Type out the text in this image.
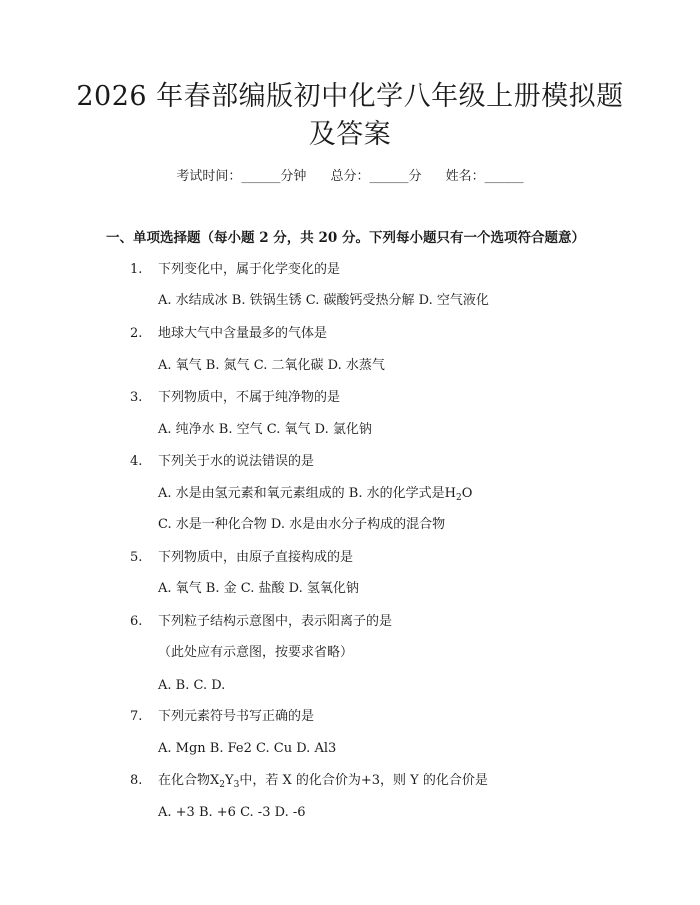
2026 年春部编版初中化学八年级上册模拟题
及答案
考试时间：______分钟 总分：______分 姓名：______
一、单项选择题（每小题 2 分，共 20 分。下列每小题只有一个选项符合题意）
1. 下列变化中，属于化学变化的是
A. 水结成冰 B. 铁锅生锈 C. 碳酸钙受热分解 D. 空气液化
2. 地球大气中含量最多的气体是
A. 氧气 B. 氮气 C. 二氧化碳 D. 水蒸气
3. 下列物质中，不属于纯净物的是
A. 纯净水 B. 空气 C. 氧气 D. 氯化钠
4. 下列关于水的说法错误的是
A. 水是由氢元素和氧元素组成的 B. 水的化学式是$H_2O$
C. 水是一种化合物 D. 水是由水分子构成的混合物
5. 下列物质中，由原子直接构成的是
A. 氧气 B. 金 C. 盐酸 D. 氢氧化钠
6. 下列粒子结构示意图中，表示阳离子的是
（此处应有示意图，按要求省略）
A. B. C. D.
7. 下列元素符号书写正确的是
A. Mgn B. Fe2 C. Cu D. Al3
8. 在化合物$X_2Y_3$中，若 X 的化合价为+3，则 Y 的化合价是
A. +3 B. +6 C. -3 D. -6
